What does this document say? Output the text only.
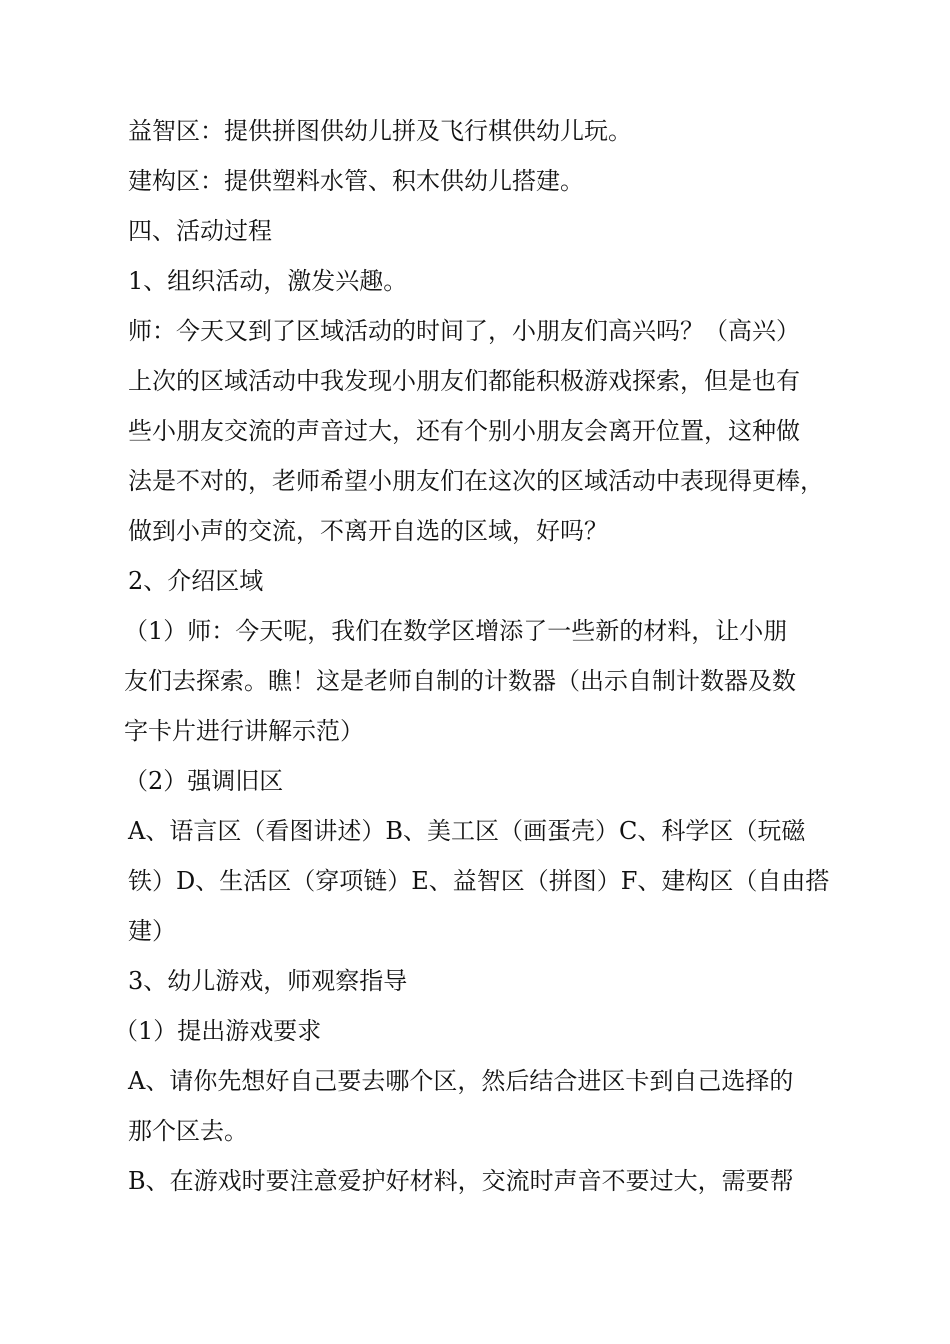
益智区：提供拼图供幼儿拼及飞行棋供幼儿玩。
建构区：提供塑料水管、积木供幼儿搭建。
四、活动过程
1、组织活动，激发兴趣。
师：今天又到了区域活动的时间了，小朋友们高兴吗？（高兴）
上次的区域活动中我发现小朋友们都能积极游戏探索，但是也有
些小朋友交流的声音过大，还有个别小朋友会离开位置，这种做
法是不对的，老师希望小朋友们在这次的区域活动中表现得更棒，
做到小声的交流，不离开自选的区域，好吗？
2、介绍区域
（1）师：今天呢，我们在数学区增添了一些新的材料，让小朋
友们去探索。瞧！这是老师自制的计数器（出示自制计数器及数
字卡片进行讲解示范）
（2）强调旧区
A、语言区（看图讲述）B、美工区（画蛋壳）C、科学区（玩磁
铁）D、生活区（穿项链）E、益智区（拼图）F、建构区（自由搭
建）
3、幼儿游戏，师观察指导
（1）提出游戏要求
A、请你先想好自己要去哪个区，然后结合进区卡到自己选择的
那个区去。
B、在游戏时要注意爱护好材料，交流时声音不要过大，需要帮
